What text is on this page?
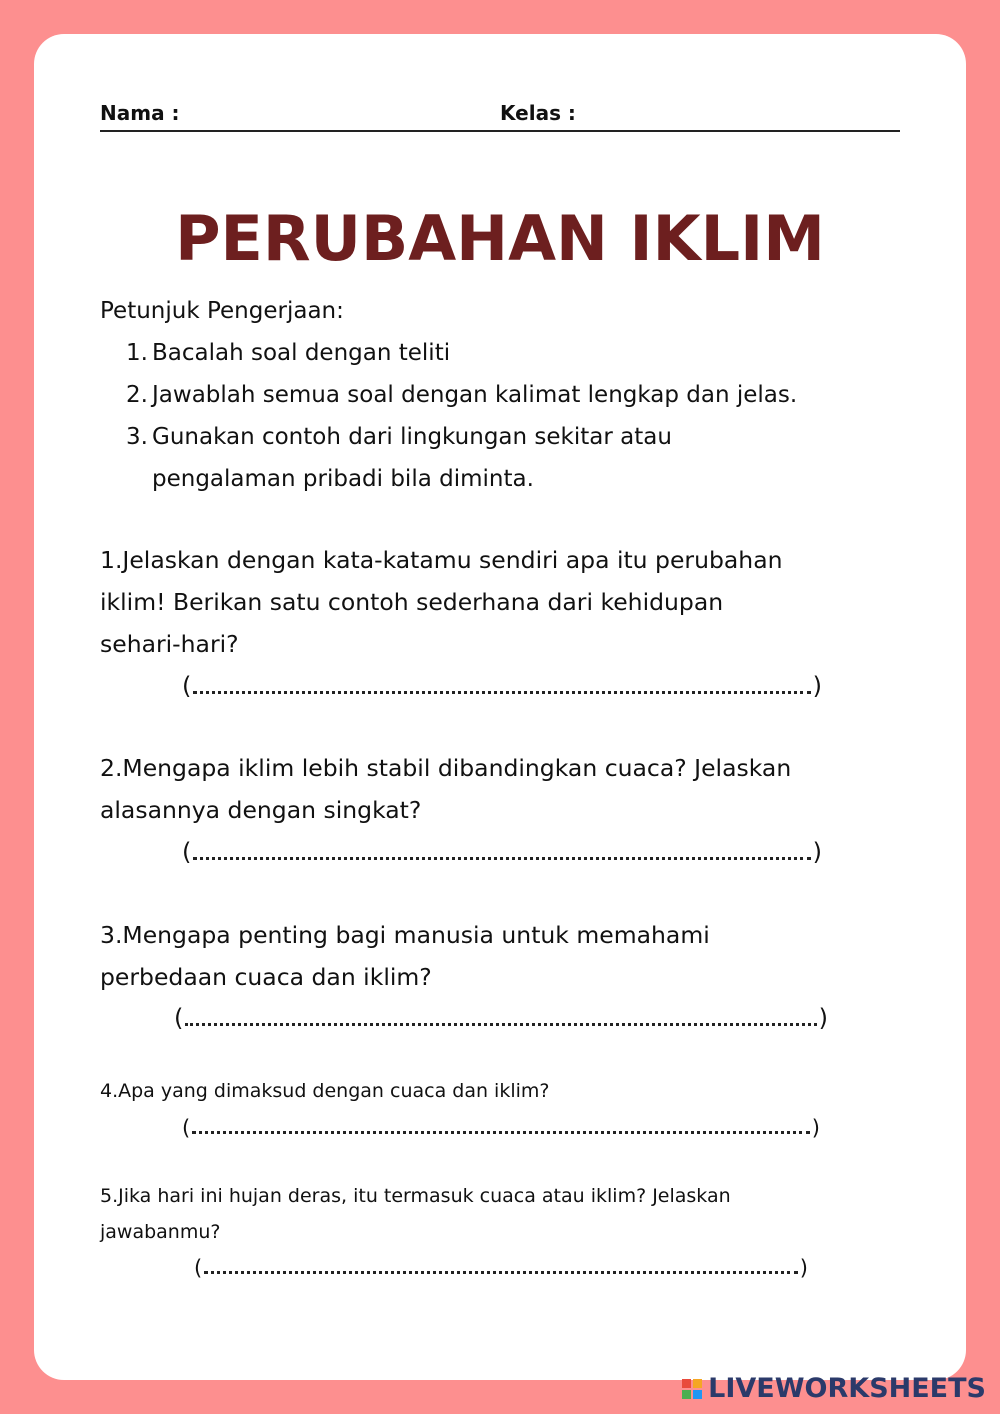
Nama :	Kelas :
PERUBAHAN IKLIM
Petunjuk Pengerjaan:
1. Bacalah soal dengan teliti
2. Jawablah semua soal dengan kalimat lengkap dan jelas.
3. Gunakan contoh dari lingkungan sekitar atau
pengalaman pribadi bila diminta.
1.Jelaskan dengan kata-katamu sendiri apa itu perubahan
iklim! Berikan satu contoh sederhana dari kehidupan
sehari-hari?
(	)
2.Mengapa iklim lebih stabil dibandingkan cuaca? Jelaskan
alasannya dengan singkat?
(	)
3.Mengapa penting bagi manusia untuk memahami
perbedaan cuaca dan iklim?
(	)
4.Apa yang dimaksud dengan cuaca dan iklim?
(	)
5.Jika hari ini hujan deras, itu termasuk cuaca atau iklim? Jelaskan
jawabanmu?
(	)
LIVEWORKSHEETS
